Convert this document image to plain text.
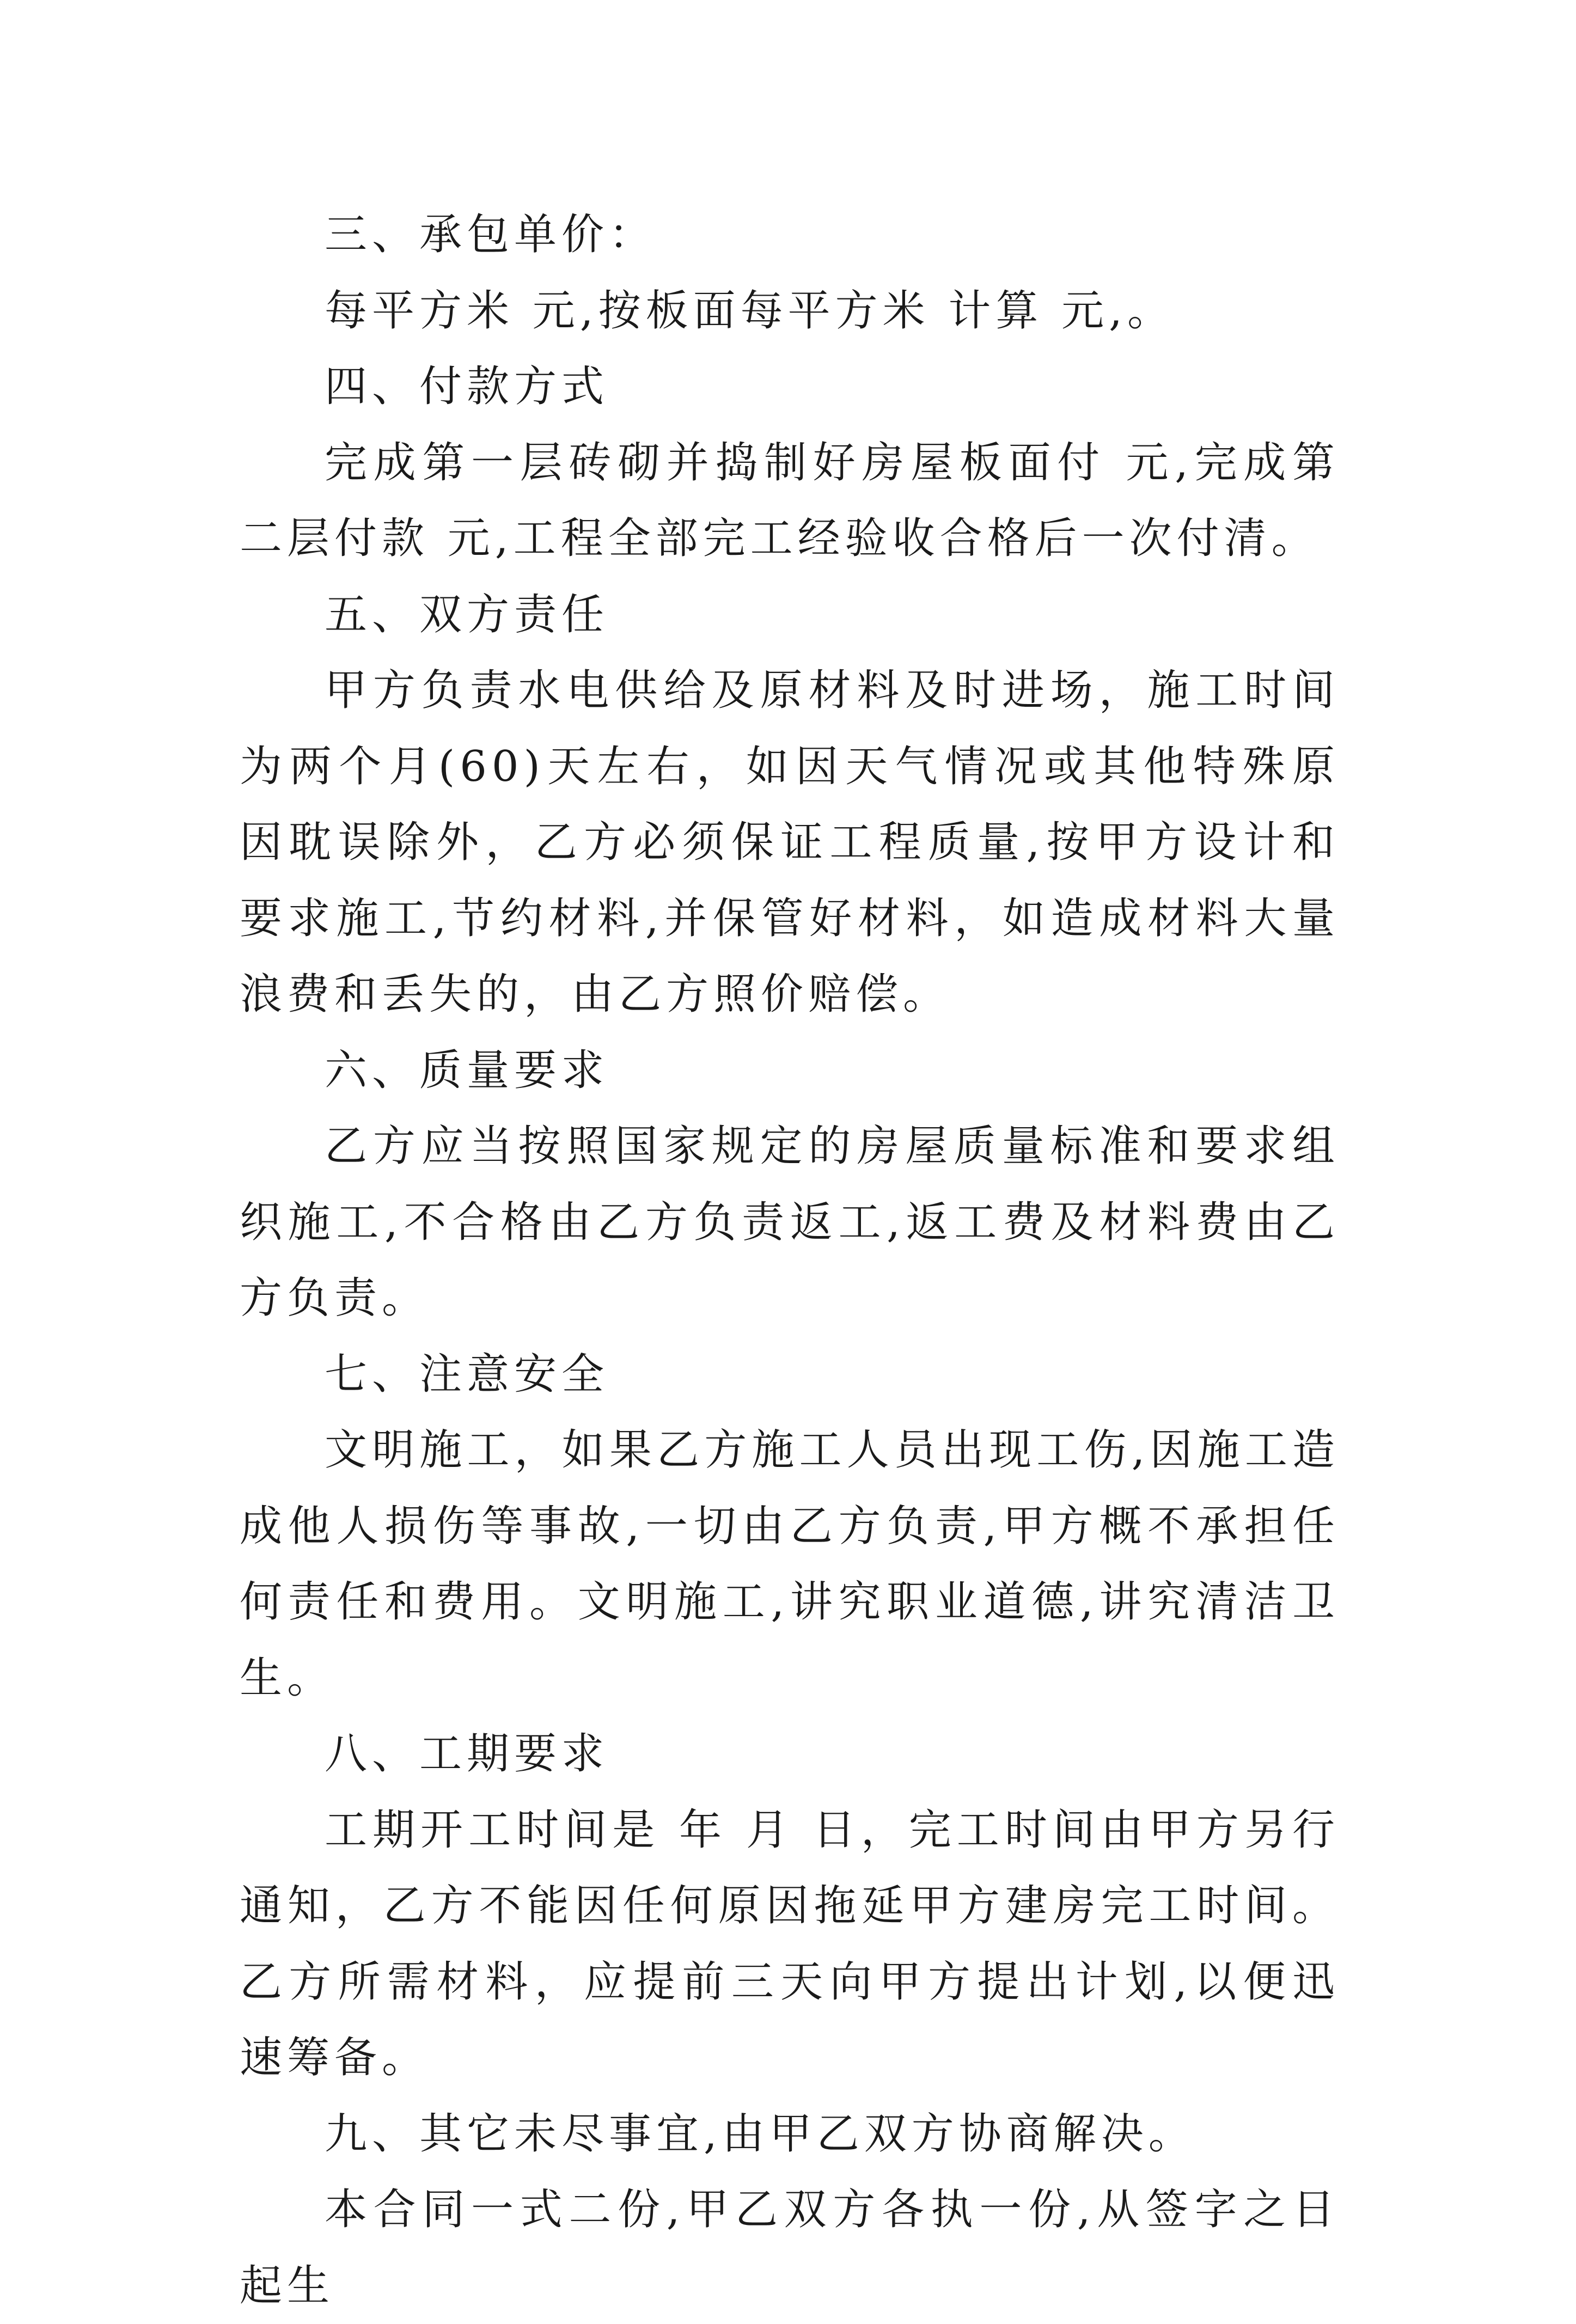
三、承包单价：

每平方米 元,按板面每平方米 计算 元,。

四、付款方式

完成第一层砖砌并捣制好房屋板面付 元,完成第二层付款 元,工程全部完工经验收合格后一次付清。

五、双方责任

甲方负责水电供给及原材料及时进场，施工时间为两个月(60)天左右，如因天气情况或其他特殊原因耽误除外，乙方必须保证工程质量,按甲方设计和要求施工,节约材料,并保管好材料，如造成材料大量浪费和丢失的，由乙方照价赔偿。

六、质量要求

乙方应当按照国家规定的房屋质量标准和要求组织施工,不合格由乙方负责返工,返工费及材料费由乙方负责。

七、注意安全

文明施工，如果乙方施工人员出现工伤,因施工造成他人损伤等事故,一切由乙方负责,甲方概不承担任何责任和费用。文明施工,讲究职业道德,讲究清洁卫生。

八、工期要求

工期开工时间是 年 月 日，完工时间由甲方另行通知，乙方不能因任何原因拖延甲方建房完工时间。乙方所需材料，应提前三天向甲方提出计划,以便迅速筹备。

九、其它未尽事宜,由甲乙双方协商解决。

本合同一式二份,甲乙双方各执一份,从签字之日起生
